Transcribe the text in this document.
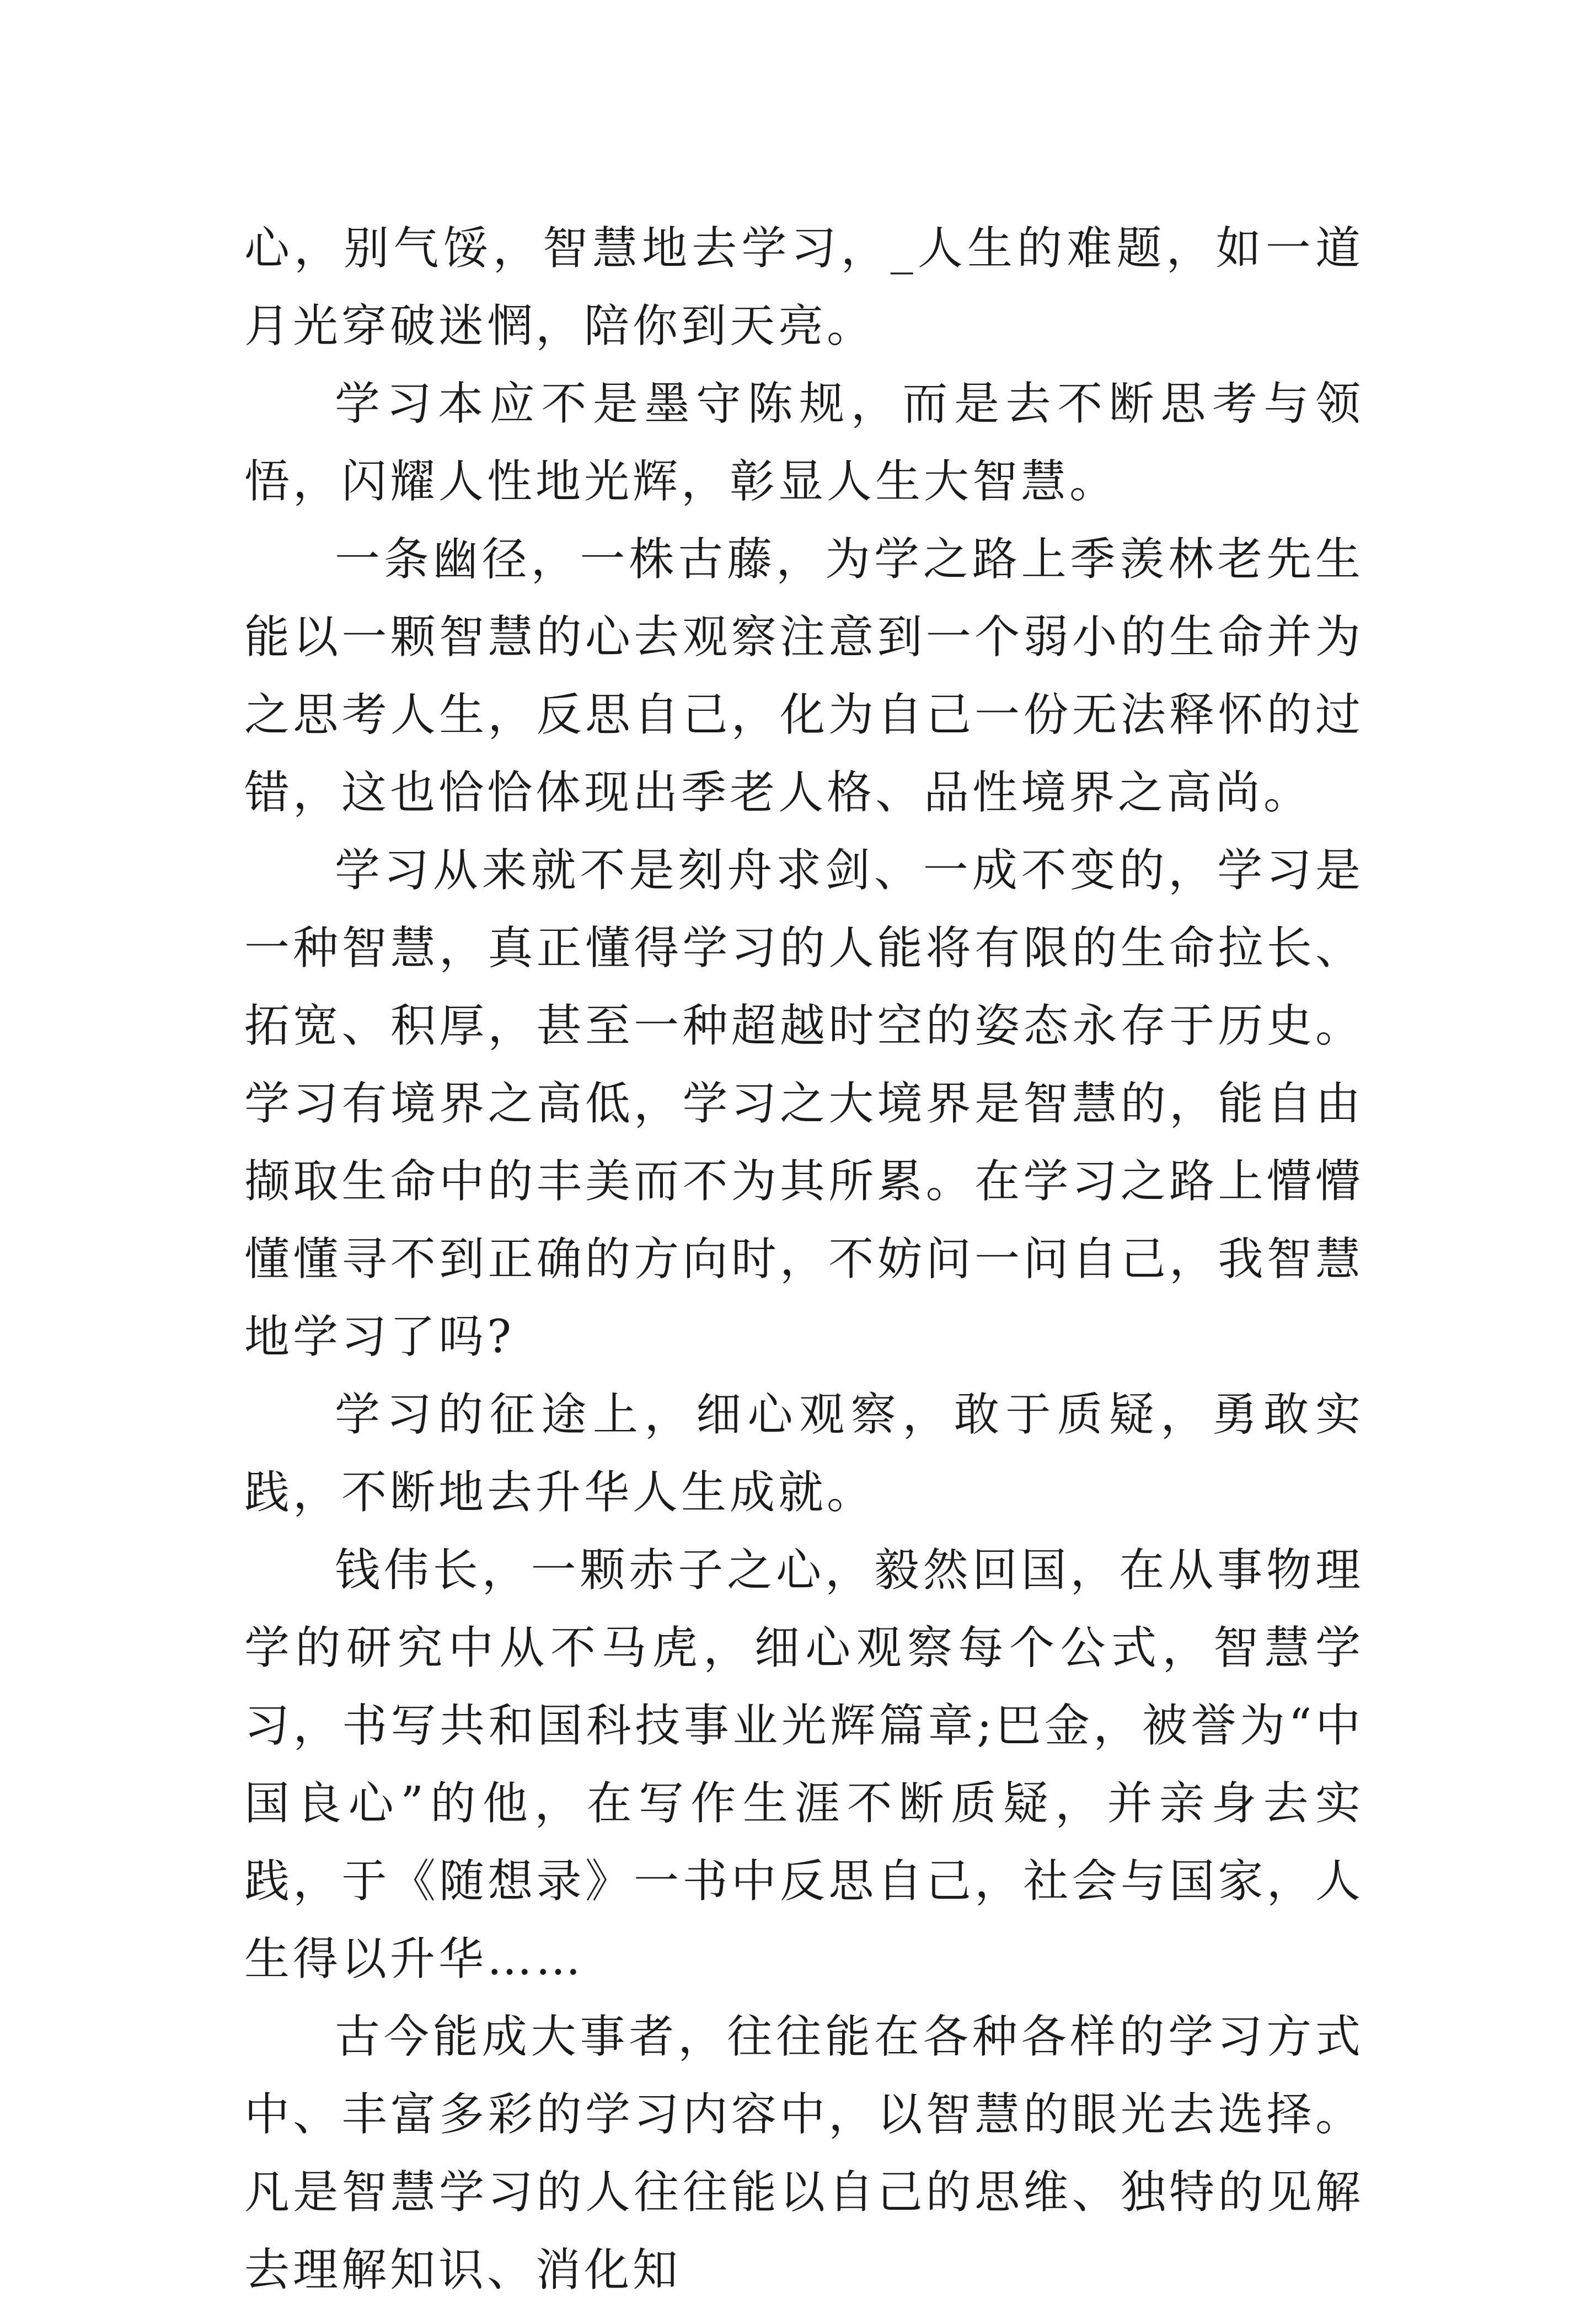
心，别气馁，智慧地去学习，_人生的难题，如一道月光穿破迷惘，陪你到天亮。

学习本应不是墨守陈规，而是去不断思考与领悟，闪耀人性地光辉，彰显人生大智慧。

一条幽径，一株古藤，为学之路上季羡林老先生能以一颗智慧的心去观察注意到一个弱小的生命并为之思考人生，反思自己，化为自己一份无法释怀的过错，这也恰恰体现出季老人格、品性境界之高尚。

学习从来就不是刻舟求剑、一成不变的，学习是一种智慧，真正懂得学习的人能将有限的生命拉长、拓宽、积厚，甚至一种超越时空的姿态永存于历史。学习有境界之高低，学习之大境界是智慧的，能自由撷取生命中的丰美而不为其所累。在学习之路上懵懵懂懂寻不到正确的方向时，不妨问一问自己，我智慧地学习了吗?

学习的征途上，细心观察，敢于质疑，勇敢实践，不断地去升华人生成就。

钱伟长，一颗赤子之心，毅然回国，在从事物理学的研究中从不马虎，细心观察每个公式，智慧学习，书写共和国科技事业光辉篇章;巴金，被誉为“中国良心”的他，在写作生涯不断质疑，并亲身去实践，于《随想录》一书中反思自己，社会与国家，人生得以升华……

古今能成大事者，往往能在各种各样的学习方式中、丰富多彩的学习内容中，以智慧的眼光去选择。凡是智慧学习的人往往能以自己的思维、独特的见解去理解知识、消化知
